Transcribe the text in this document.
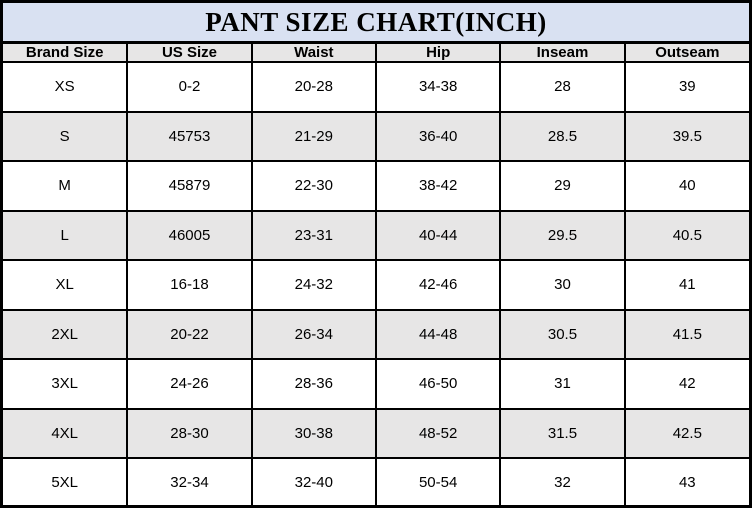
PANT SIZE CHART(INCH)
Brand Size	US Size	Waist	Hip	Inseam	Outseam
XS	0-2	20-28	34-38	28	39
S	45753	21-29	36-40	28.5	39.5
M	45879	22-30	38-42	29	40
L	46005	23-31	40-44	29.5	40.5
XL	16-18	24-32	42-46	30	41
2XL	20-22	26-34	44-48	30.5	41.5
3XL	24-26	28-36	46-50	31	42
4XL	28-30	30-38	48-52	31.5	42.5
5XL	32-34	32-40	50-54	32	43
